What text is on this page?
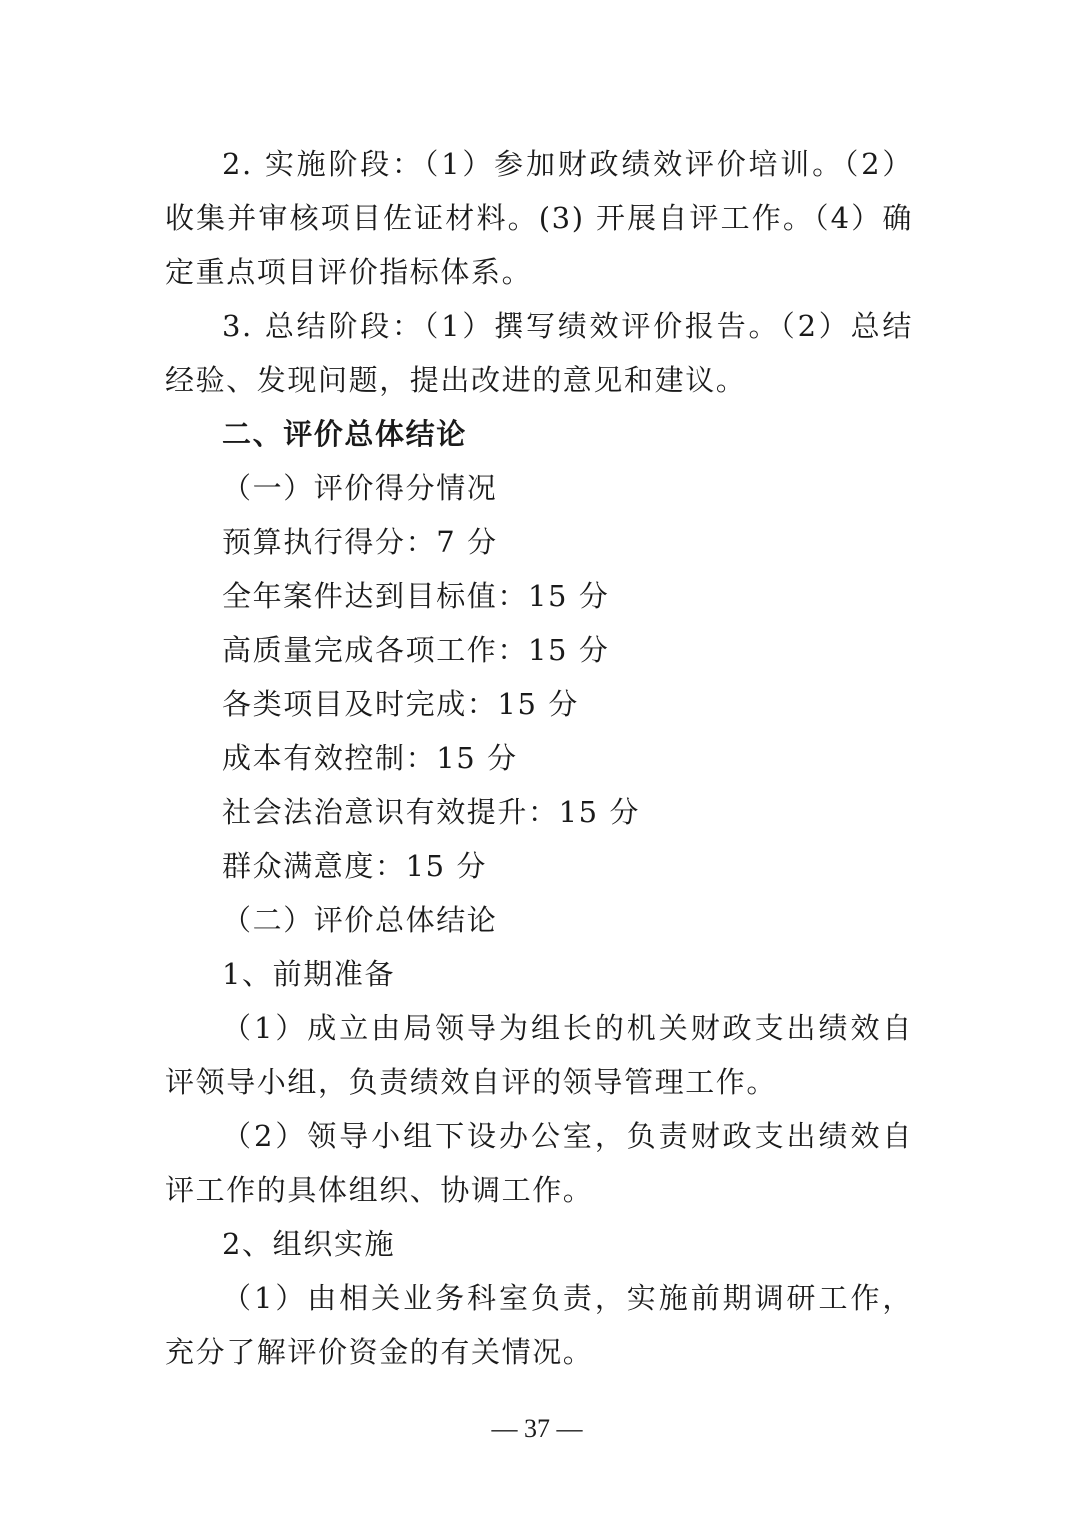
2. 实施阶段：（1）参加财政绩效评价培训。（2）收集并审核项目佐证材料。(3) 开展自评工作。（4）确定重点项目评价指标体系。

3. 总结阶段：（1）撰写绩效评价报告。（2）总结经验、发现问题，提出改进的意见和建议。

二、评价总体结论

（一）评价得分情况

预算执行得分：7 分

全年案件达到目标值：15 分

高质量完成各项工作：15 分

各类项目及时完成：15 分

成本有效控制：15 分

社会法治意识有效提升：15 分

群众满意度：15 分

（二）评价总体结论

1、前期准备

（1）成立由局领导为组长的机关财政支出绩效自评领导小组，负责绩效自评的领导管理工作。

（2）领导小组下设办公室，负责财政支出绩效自评工作的具体组织、协调工作。

2、组织实施

（1）由相关业务科室负责，实施前期调研工作，充分了解评价资金的有关情况。

— 37 —
